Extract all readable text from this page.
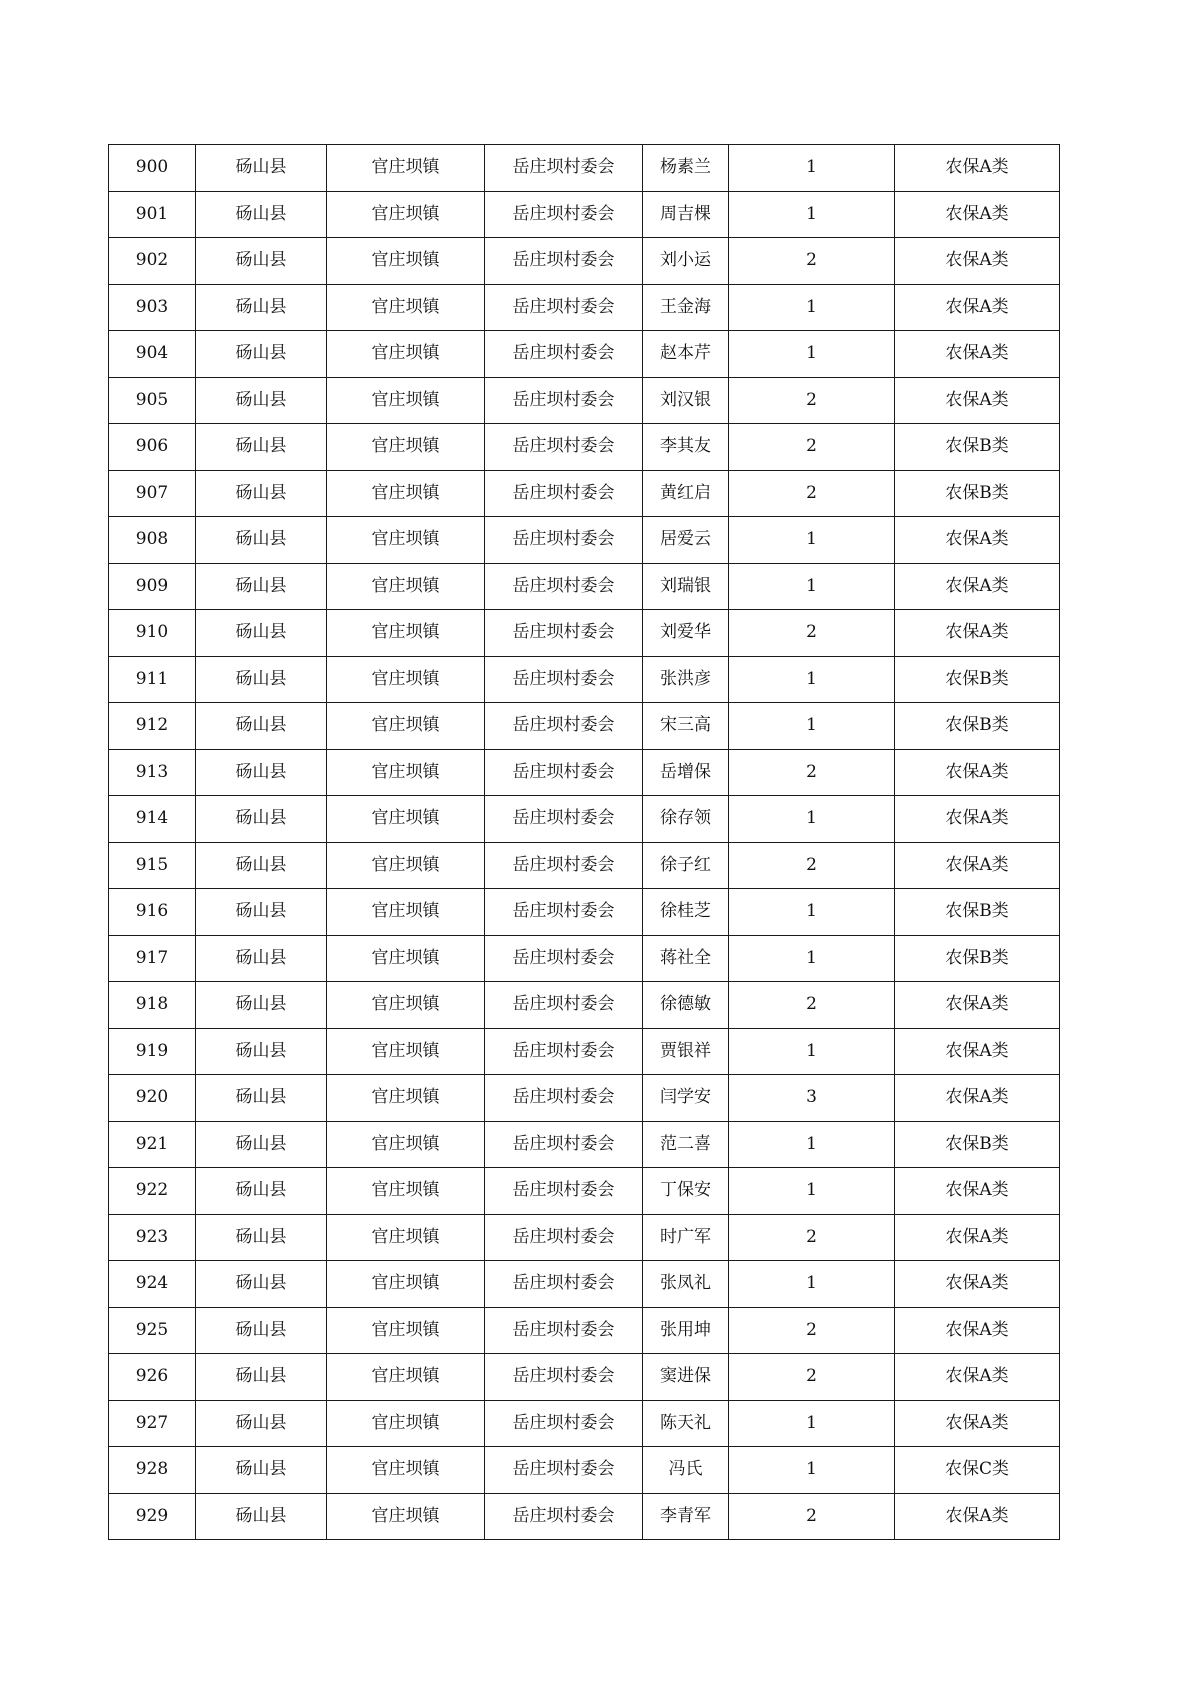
900	砀山县	官庄坝镇	岳庄坝村委会	杨素兰	1	农保A类
901	砀山县	官庄坝镇	岳庄坝村委会	周吉棵	1	农保A类
902	砀山县	官庄坝镇	岳庄坝村委会	刘小运	2	农保A类
903	砀山县	官庄坝镇	岳庄坝村委会	王金海	1	农保A类
904	砀山县	官庄坝镇	岳庄坝村委会	赵本芹	1	农保A类
905	砀山县	官庄坝镇	岳庄坝村委会	刘汉银	2	农保A类
906	砀山县	官庄坝镇	岳庄坝村委会	李其友	2	农保B类
907	砀山县	官庄坝镇	岳庄坝村委会	黄红启	2	农保B类
908	砀山县	官庄坝镇	岳庄坝村委会	居爱云	1	农保A类
909	砀山县	官庄坝镇	岳庄坝村委会	刘瑞银	1	农保A类
910	砀山县	官庄坝镇	岳庄坝村委会	刘爱华	2	农保A类
911	砀山县	官庄坝镇	岳庄坝村委会	张洪彦	1	农保B类
912	砀山县	官庄坝镇	岳庄坝村委会	宋三高	1	农保B类
913	砀山县	官庄坝镇	岳庄坝村委会	岳增保	2	农保A类
914	砀山县	官庄坝镇	岳庄坝村委会	徐存领	1	农保A类
915	砀山县	官庄坝镇	岳庄坝村委会	徐子红	2	农保A类
916	砀山县	官庄坝镇	岳庄坝村委会	徐桂芝	1	农保B类
917	砀山县	官庄坝镇	岳庄坝村委会	蒋社全	1	农保B类
918	砀山县	官庄坝镇	岳庄坝村委会	徐德敏	2	农保A类
919	砀山县	官庄坝镇	岳庄坝村委会	贾银祥	1	农保A类
920	砀山县	官庄坝镇	岳庄坝村委会	闫学安	3	农保A类
921	砀山县	官庄坝镇	岳庄坝村委会	范二喜	1	农保B类
922	砀山县	官庄坝镇	岳庄坝村委会	丁保安	1	农保A类
923	砀山县	官庄坝镇	岳庄坝村委会	时广军	2	农保A类
924	砀山县	官庄坝镇	岳庄坝村委会	张凤礼	1	农保A类
925	砀山县	官庄坝镇	岳庄坝村委会	张用坤	2	农保A类
926	砀山县	官庄坝镇	岳庄坝村委会	窦进保	2	农保A类
927	砀山县	官庄坝镇	岳庄坝村委会	陈天礼	1	农保A类
928	砀山县	官庄坝镇	岳庄坝村委会	冯氏	1	农保C类
929	砀山县	官庄坝镇	岳庄坝村委会	李青军	2	农保A类
